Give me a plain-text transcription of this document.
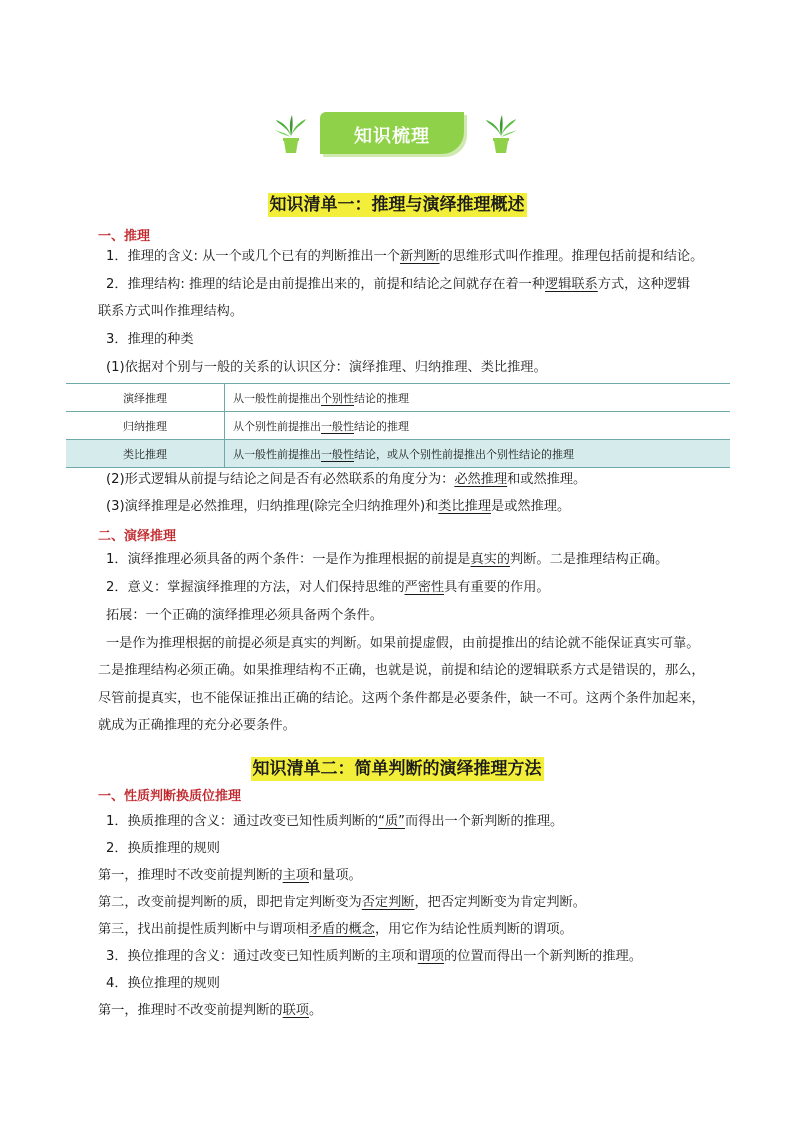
知识梳理
知识清单一：推理与演绎推理概述
一、推理
1．推理的含义: 从一个或几个已有的判断推出一个新判断的思维形式叫作推理。推理包括前提和结论。
2．推理结构: 推理的结论是由前提推出来的，前提和结论之间就存在着一种逻辑联系方式，这种逻辑
联系方式叫作推理结构。
3．推理的种类
(1)依据对个别与一般的关系的认识区分：演绎推理、归纳推理、类比推理。
演绎推理	从一般性前提推出个别性结论的推理
归纳推理	从个别性前提推出一般性结论的推理
类比推理	从一般性前提推出一般性结论，或从个别性前提推出个别性结论的推理
(2)形式逻辑从前提与结论之间是否有必然联系的角度分为：必然推理和或然推理。
(3)演绎推理是必然推理，归纳推理(除完全归纳推理外)和类比推理是或然推理。
二、演绎推理
1．演绎推理必须具备的两个条件：一是作为推理根据的前提是真实的判断。二是推理结构正确。
2．意义：掌握演绎推理的方法，对人们保持思维的严密性具有重要的作用。
拓展：一个正确的演绎推理必须具备两个条件。
一是作为推理根据的前提必须是真实的判断。如果前提虚假，由前提推出的结论就不能保证真实可靠。
二是推理结构必须正确。如果推理结构不正确，也就是说，前提和结论的逻辑联系方式是错误的，那么，
尽管前提真实，也不能保证推出正确的结论。这两个条件都是必要条件，缺一不可。这两个条件加起来，
就成为正确推理的充分必要条件。
知识清单二：简单判断的演绎推理方法
一、性质判断换质位推理
1．换质推理的含义：通过改变已知性质判断的“质”而得出一个新判断的推理。
2．换质推理的规则
第一，推理时不改变前提判断的主项和量项。
第二，改变前提判断的质，即把肯定判断变为否定判断，把否定判断变为肯定判断。
第三，找出前提性质判断中与谓项相矛盾的概念，用它作为结论性质判断的谓项。
3．换位推理的含义：通过改变已知性质判断的主项和谓项的位置而得出一个新判断的推理。
4．换位推理的规则
第一，推理时不改变前提判断的联项。
